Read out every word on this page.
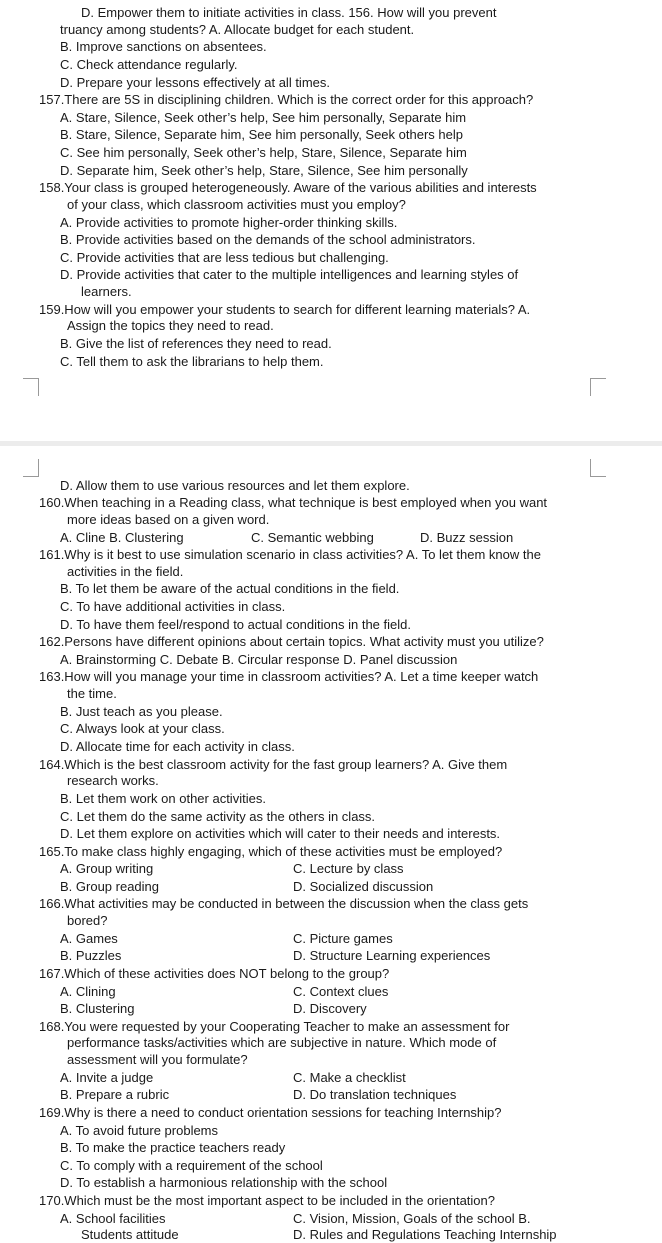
D. Empower them to initiate activities in class. 156. How will you prevent
truancy among students? A. Allocate budget for each student.
B. Improve sanctions on absentees.
C. Check attendance regularly.
D. Prepare your lessons effectively at all times.
157.There are 5S in disciplining children. Which is the correct order for this approach?
A. Stare, Silence, Seek other’s help, See him personally, Separate him
B. Stare, Silence, Separate him, See him personally, Seek others help
C. See him personally, Seek other’s help, Stare, Silence, Separate him
D. Separate him, Seek other’s help, Stare, Silence, See him personally
158.Your class is grouped heterogeneously. Aware of the various abilities and interests
of your class, which classroom activities must you employ?
A. Provide activities to promote higher-order thinking skills.
B. Provide activities based on the demands of the school administrators.
C. Provide activities that are less tedious but challenging.
D. Provide activities that cater to the multiple intelligences and learning styles of
learners.
159.How will you empower your students to search for different learning materials? A.
Assign the topics they need to read.
B. Give the list of references they need to read.
C. Tell them to ask the librarians to help them.
D. Allow them to use various resources and let them explore.
160.When teaching in a Reading class, what technique is best employed when you want
more ideas based on a given word.
A. Cline B. Clustering	C. Semantic webbing	D. Buzz session
161.Why is it best to use simulation scenario in class activities? A. To let them know the
activities in the field.
B. To let them be aware of the actual conditions in the field.
C. To have additional activities in class.
D. To have them feel/respond to actual conditions in the field.
162.Persons have different opinions about certain topics. What activity must you utilize?
A. Brainstorming C. Debate B. Circular response D. Panel discussion
163.How will you manage your time in classroom activities? A. Let a time keeper watch
the time.
B. Just teach as you please.
C. Always look at your class.
D. Allocate time for each activity in class.
164.Which is the best classroom activity for the fast group learners? A. Give them
research works.
B. Let them work on other activities.
C. Let them do the same activity as the others in class.
D. Let them explore on activities which will cater to their needs and interests.
165.To make class highly engaging, which of these activities must be employed?
A. Group writing	C. Lecture by class
B. Group reading	D. Socialized discussion
166.What activities may be conducted in between the discussion when the class gets
bored?
A. Games	C. Picture games
B. Puzzles	D. Structure Learning experiences
167.Which of these activities does NOT belong to the group?
A. Clining	C. Context clues
B. Clustering	D. Discovery
168.You were requested by your Cooperating Teacher to make an assessment for
performance tasks/activities which are subjective in nature. Which mode of
assessment will you formulate?
A. Invite a judge	C. Make a checklist
B. Prepare a rubric	D. Do translation techniques
169.Why is there a need to conduct orientation sessions for teaching Internship?
A. To avoid future problems
B. To make the practice teachers ready
C. To comply with a requirement of the school
D. To establish a harmonious relationship with the school
170.Which must be the most important aspect to be included in the orientation?
A. School facilities	C. Vision, Mission, Goals of the school B.
Students attitude	D. Rules and Regulations Teaching Internship
